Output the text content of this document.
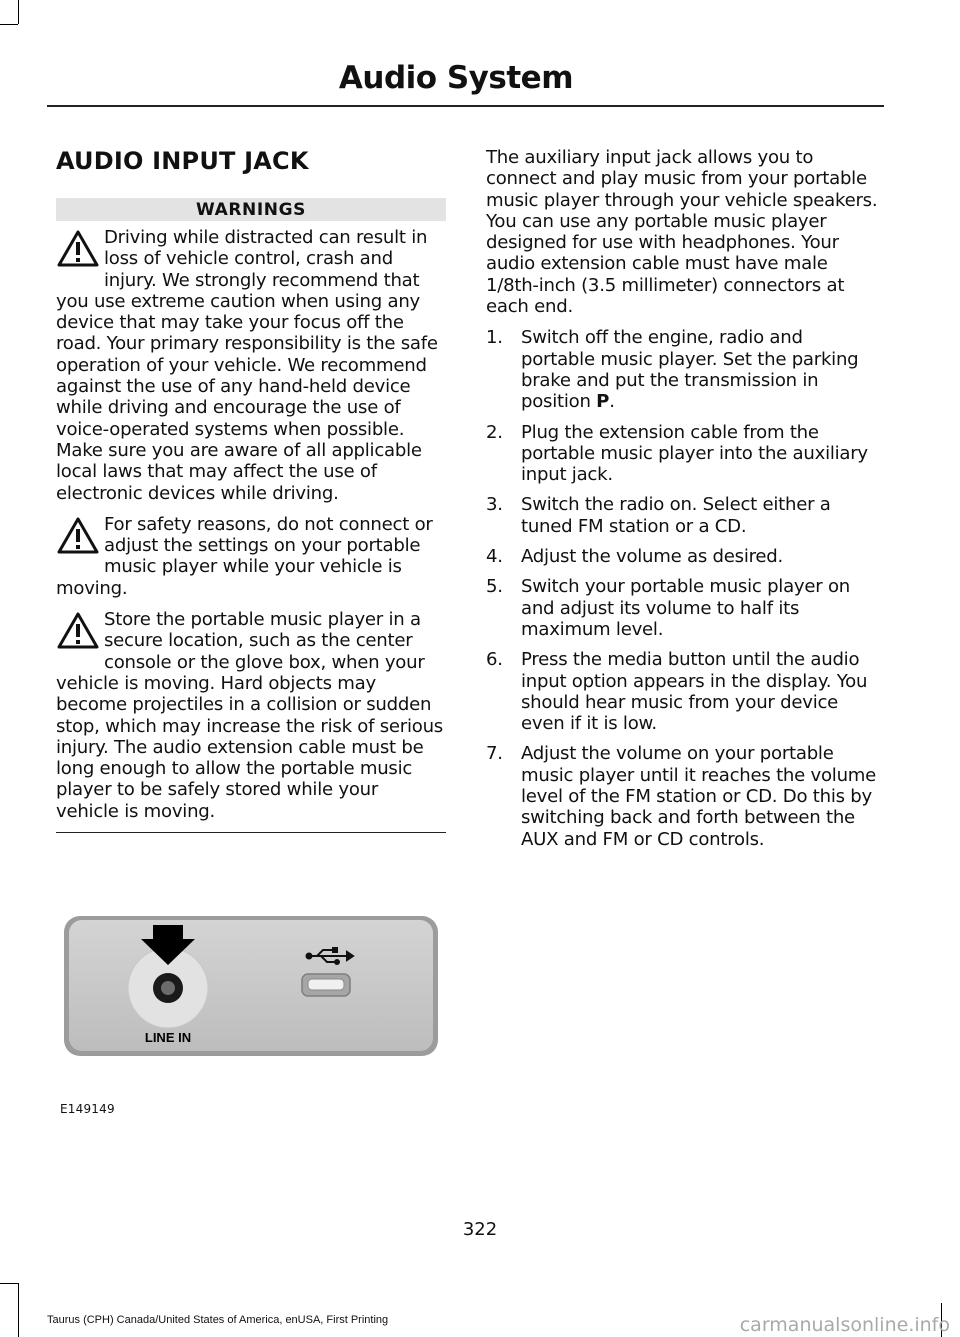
Audio System
AUDIO INPUT JACK
WARNINGS
Driving while distracted can result in loss of vehicle control, crash and injury. We strongly recommend that you use extreme caution when using any device that may take your focus off the road. Your primary responsibility is the safe operation of your vehicle. We recommend against the use of any hand-held device while driving and encourage the use of voice-operated systems when possible. Make sure you are aware of all applicable local laws that may affect the use of electronic devices while driving.
For safety reasons, do not connect or adjust the settings on your portable music player while your vehicle is moving.
Store the portable music player in a secure location, such as the center console or the glove box, when your vehicle is moving. Hard objects may become projectiles in a collision or sudden stop, which may increase the risk of serious injury. The audio extension cable must be long enough to allow the portable music player to be safely stored while your vehicle is moving.

The auxiliary input jack allows you to connect and play music from your portable music player through your vehicle speakers. You can use any portable music player designed for use with headphones. Your audio extension cable must have male 1/8th-inch (3.5 millimeter) connectors at each end.

1. Switch off the engine, radio and portable music player. Set the parking brake and put the transmission in position P.
2. Plug the extension cable from the portable music player into the auxiliary input jack.
3. Switch the radio on. Select either a tuned FM station or a CD.
4. Adjust the volume as desired.
5. Switch your portable music player on and adjust its volume to half its maximum level.
6. Press the media button until the audio input option appears in the display. You should hear music from your device even if it is low.
7. Adjust the volume on your portable music player until it reaches the volume level of the FM station or CD. Do this by switching back and forth between the AUX and FM or CD controls.
LINE IN
E149149
322
Taurus (CPH) Canada/United States of America, enUSA, First Printing	carmanualsonline.info
